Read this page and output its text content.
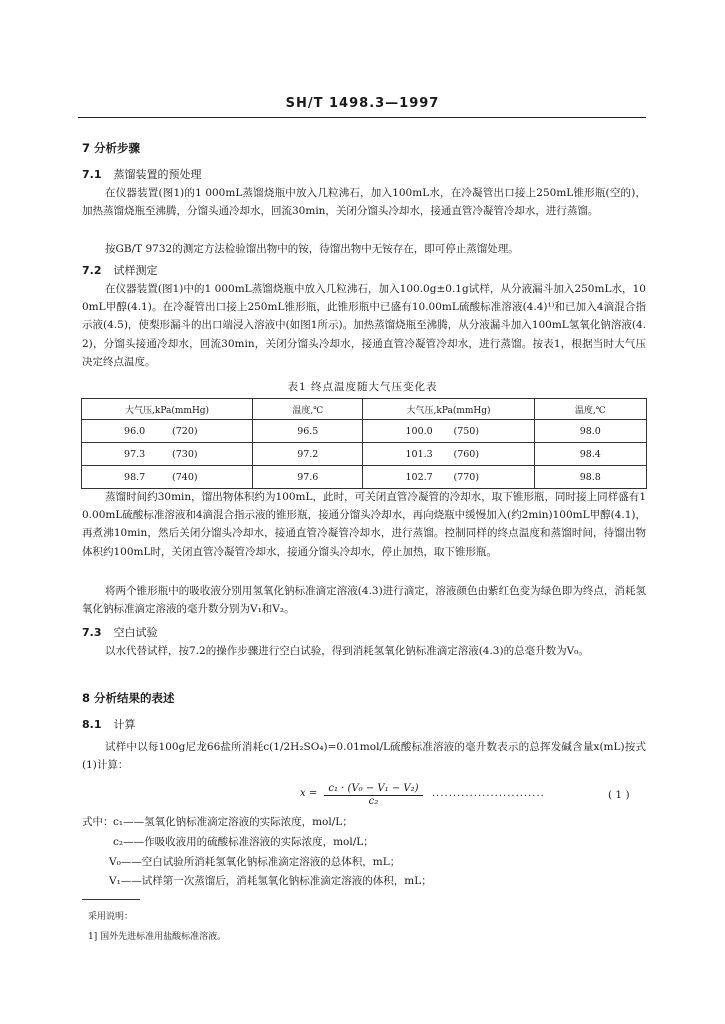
SH/T 1498.3—1997
7 分析步骤
7.1 蒸馏装置的预处理
在仪器装置(图1)的1 000mL蒸馏烧瓶中放入几粒沸石，加入100mL水，在冷凝管出口接上250mL锥形瓶(空的)，加热蒸馏烧瓶至沸腾，分馏头通冷却水，回流30min，关闭分馏头冷却水，接通直管冷凝管冷却水，进行蒸馏。
按GB/T 9732的测定方法检验馏出物中的铵，待馏出物中无铵存在，即可停止蒸馏处理。
7.2 试样测定
在仪器装置(图1)中的1 000mL蒸馏烧瓶中放入几粒沸石，加入100.0g±0.1g试样，从分液漏斗加入250mL水，100mL甲醇(4.1)。在冷凝管出口接上250mL锥形瓶，此锥形瓶中已盛有10.00mL硫酸标准溶液(4.4)¹⁾和已加入4滴混合指示液(4.5)，使梨形漏斗的出口端浸入溶液中(如图1所示)。加热蒸馏烧瓶至沸腾，从分液漏斗加入100mL氢氧化钠溶液(4.2)，分馏头接通冷却水，回流30min，关闭分馏头冷却水，接通直管冷凝管冷却水，进行蒸馏。按表1，根据当时大气压决定终点温度。
表1 终点温度随大气压变化表
大气压,kPa(mmHg)	温度,℃	大气压,kPa(mmHg)	温度,℃
96.0 (720)	96.5	100.0 (750)	98.0
97.3 (730)	97.2	101.3 (760)	98.4
98.7 (740)	97.6	102.7 (770)	98.8
蒸馏时间约30min，馏出物体积约为100mL，此时，可关闭直管冷凝管的冷却水，取下锥形瓶，同时接上同样盛有10.00mL硫酸标准溶液和4滴混合指示液的锥形瓶，接通分馏头冷却水，再向烧瓶中缓慢加入(约2min)100mL甲醇(4.1)，再煮沸10min，然后关闭分馏头冷却水，接通直管冷凝管冷却水，进行蒸馏。控制同样的终点温度和蒸馏时间，待馏出物体积约100mL时，关闭直管冷凝管冷却水，接通分馏头冷却水，停止加热，取下锥形瓶。
将两个锥形瓶中的吸收液分别用氢氧化钠标准滴定溶液(4.3)进行滴定，溶液颜色由紫红色变为绿色即为终点，消耗氢氧化钠标准滴定溶液的毫升数分别为V₁和V₂。
7.3 空白试验
以水代替试样，按7.2的操作步骤进行空白试验，得到消耗氢氧化钠标准滴定溶液(4.3)的总毫升数为V₀。
8 分析结果的表述
8.1 计算
试样中以每100g尼龙66盐所消耗c(1/2H₂SO₄)=0.01mol/L硫酸标准溶液的毫升数表示的总挥发碱含量x(mL)按式(1)计算：
$x = \frac{\text{c₁ · (V₀ − V₁ − V₂)}}{\text{c₂}}$ ···························	( 1 )
式中： c₁——氢氧化钠标准滴定溶液的实际浓度，mol/L；
c₂——作吸收液用的硫酸标准溶液的实际浓度，mol/L；
V₀——空白试验所消耗氢氧化钠标准滴定溶液的总体积，mL；
V₁——试样第一次蒸馏后，消耗氢氧化钠标准滴定溶液的体积，mL；
采用说明：
1] 国外先进标准用盐酸标准溶液。
